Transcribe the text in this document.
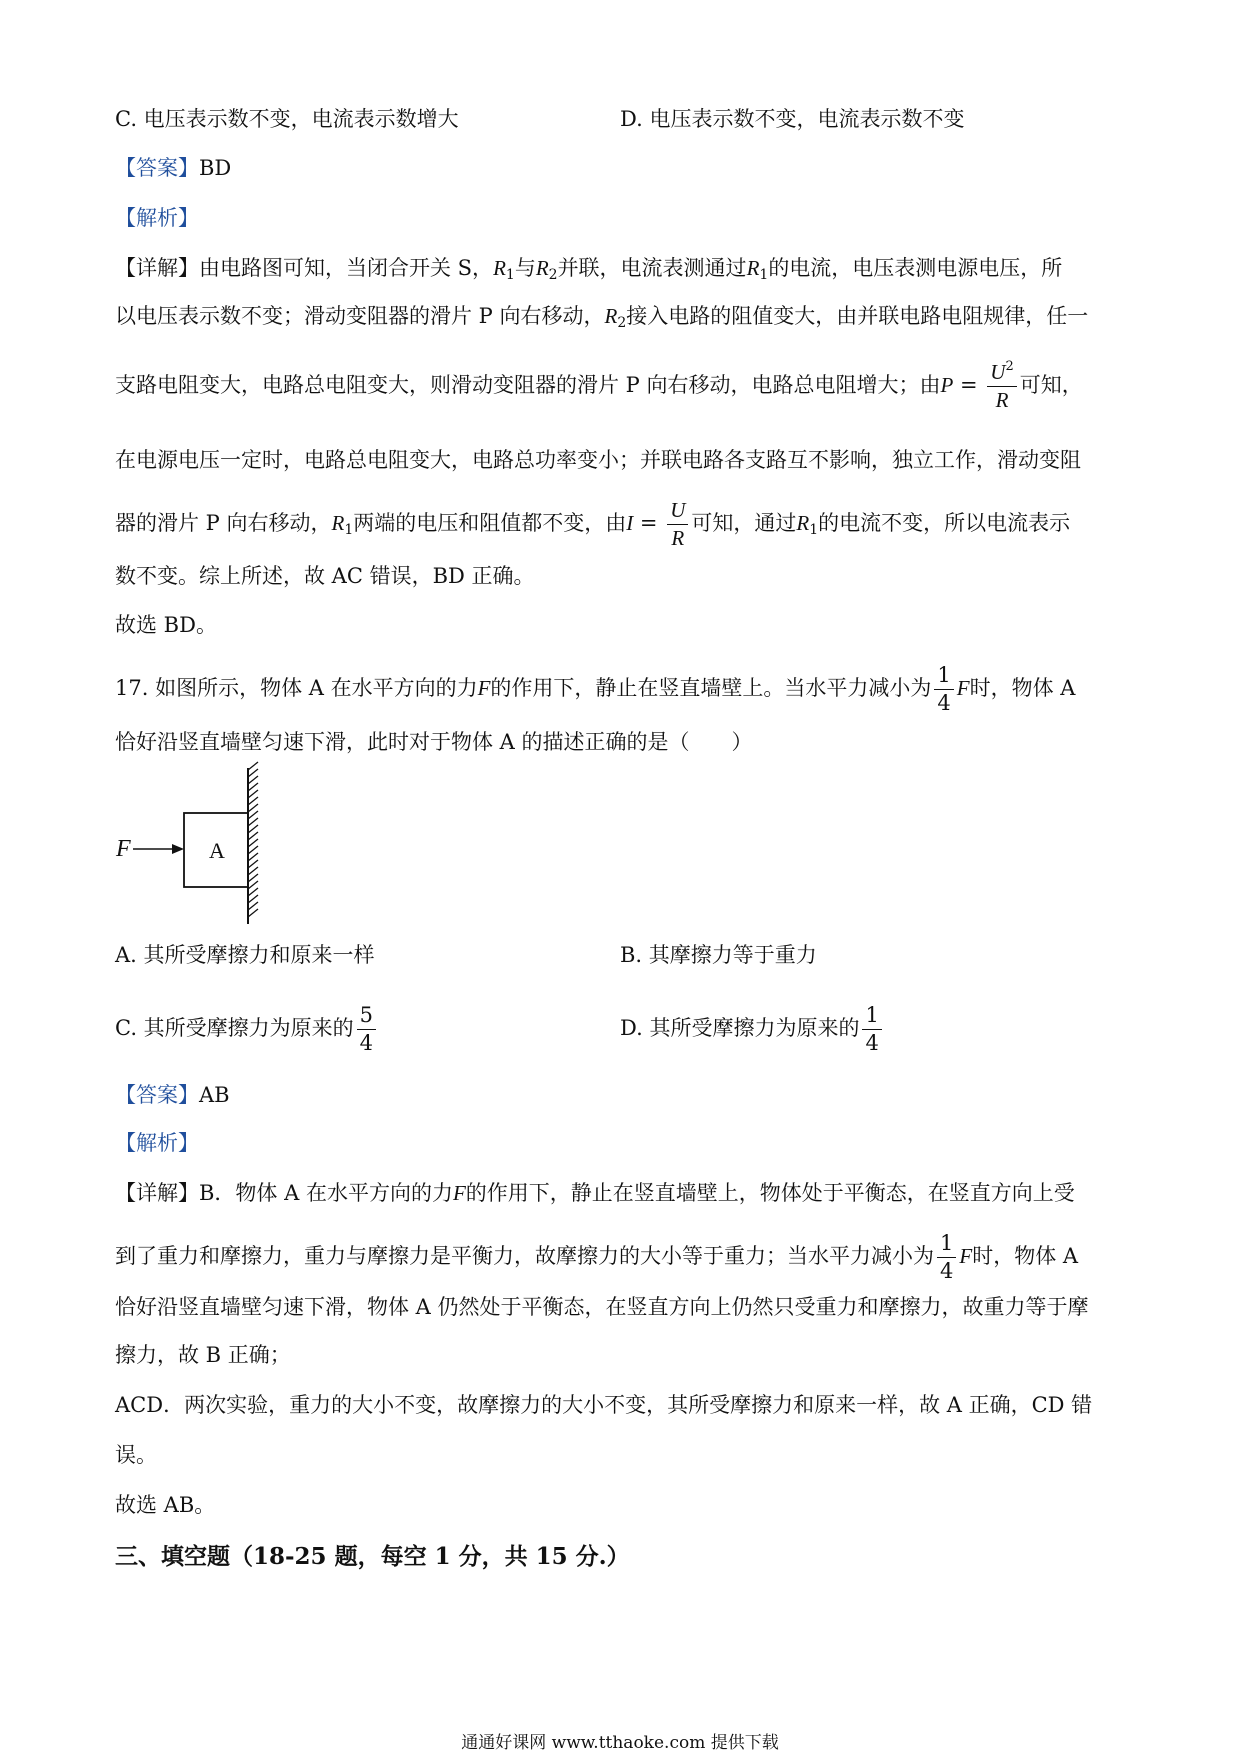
C. 电压表示数不变，电流表示数增大	D. 电压表示数不变，电流表示数不变
【答案】BD
【解析】
【详解】由电路图可知，当闭合开关 S，$R_1$与$R_2$并联，电流表测通过$R_1$的电流，电压表测电源电压，所
以电压表示数不变；滑动变阻器的滑片 P 向右移动，$R_2$接入电路的阻值变大，由并联电路电阻规律，任一
支路电阻变大，电路总电阻变大，则滑动变阻器的滑片 P 向右移动，电路总电阻增大；由$P = \frac{U^2}{R}$ 可知，
在电源电压一定时，电路总电阻变大，电路总功率变小；并联电路各支路互不影响，独立工作，滑动变阻
器的滑片 P 向右移动，$R_1$两端的电压和阻值都不变，由$I = \frac{U}{R}$ 可知，通过$R_1$的电流不变，所以电流表示
数不变。综上所述，故 AC 错误，BD 正确。
故选 BD。
17. 如图所示，物体 A 在水平方向的力F的作用下，静止在竖直墙壁上。当水平力减小为 $\frac{1}{4}$ F时，物体 A
恰好沿竖直墙壁匀速下滑，此时对于物体 A 的描述正确的是（　　）
F	A
A. 其所受摩擦力和原来一样	B. 其摩擦力等于重力
C. 其所受摩擦力为原来的 $\frac{5}{4}$	D. 其所受摩擦力为原来的 $\frac{1}{4}$
【答案】AB
【解析】
【详解】B．物体 A 在水平方向的力F的作用下，静止在竖直墙壁上，物体处于平衡态，在竖直方向上受
到了重力和摩擦力，重力与摩擦力是平衡力，故摩擦力的大小等于重力；当水平力减小为 $\frac{1}{4}$ F时，物体 A
恰好沿竖直墙壁匀速下滑，物体 A 仍然处于平衡态，在竖直方向上仍然只受重力和摩擦力，故重力等于摩
擦力，故 B 正确；
ACD．两次实验，重力的大小不变，故摩擦力的大小不变，其所受摩擦力和原来一样，故 A 正确，CD 错
误。
故选 AB。
三、填空题（18-25 题，每空 1 分，共 15 分.）
通通好课网 www.tthaoke.com 提供下载
